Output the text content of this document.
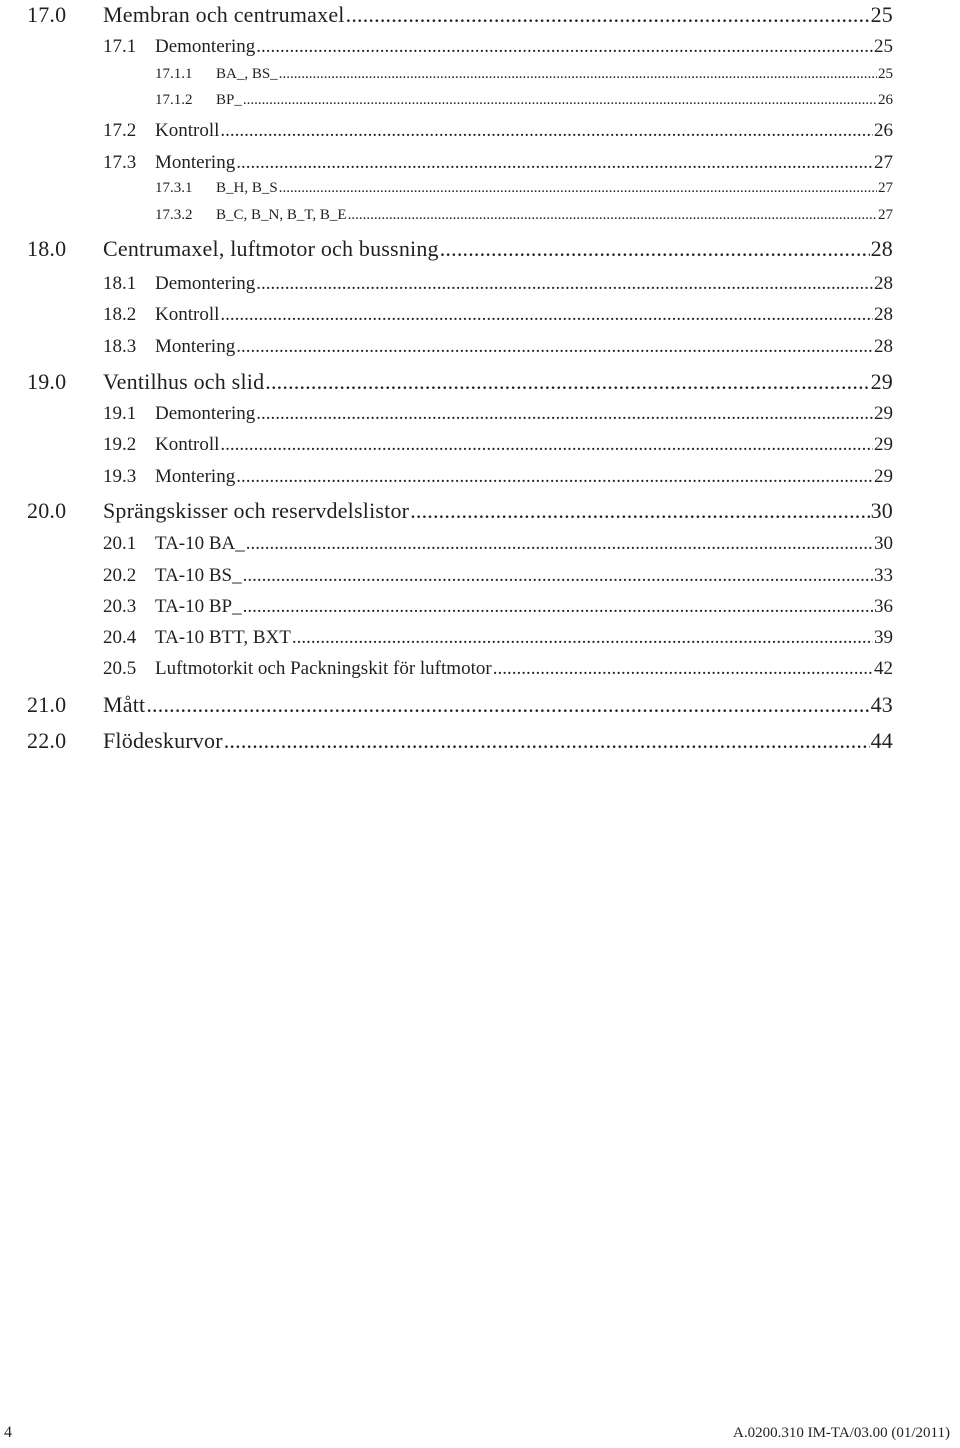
17.0 Membran och centrumaxel .....	25
17.1 Demontering .....	25
17.1.1 BA_, BS_ .....	25
17.1.2 BP_ .....	26
17.2 Kontroll .....	26
17.3 Montering .....	27
17.3.1 B_H, B_S .....	27
17.3.2 B_C, B_N, B_T, B_E .....	27
18.0 Centrumaxel, luftmotor och bussning .....	28
18.1 Demontering .....	28
18.2 Kontroll .....	28
18.3 Montering .....	28
19.0 Ventilhus och slid .....	29
19.1 Demontering .....	29
19.2 Kontroll .....	29
19.3 Montering .....	29
20.0 Sprängskisser och reservdelslistor .....	30
20.1 TA-10 BA_ .....	30
20.2 TA-10 BS_ .....	33
20.3 TA-10 BP_ .....	36
20.4 TA-10 BTT, BXT .....	39
20.5 Luftmotorkit och Packningskit för luftmotor .....	42
21.0 Mått .....	43
22.0 Flödeskurvor .....	44
4	A.0200.310 IM-TA/03.00 (01/2011)
